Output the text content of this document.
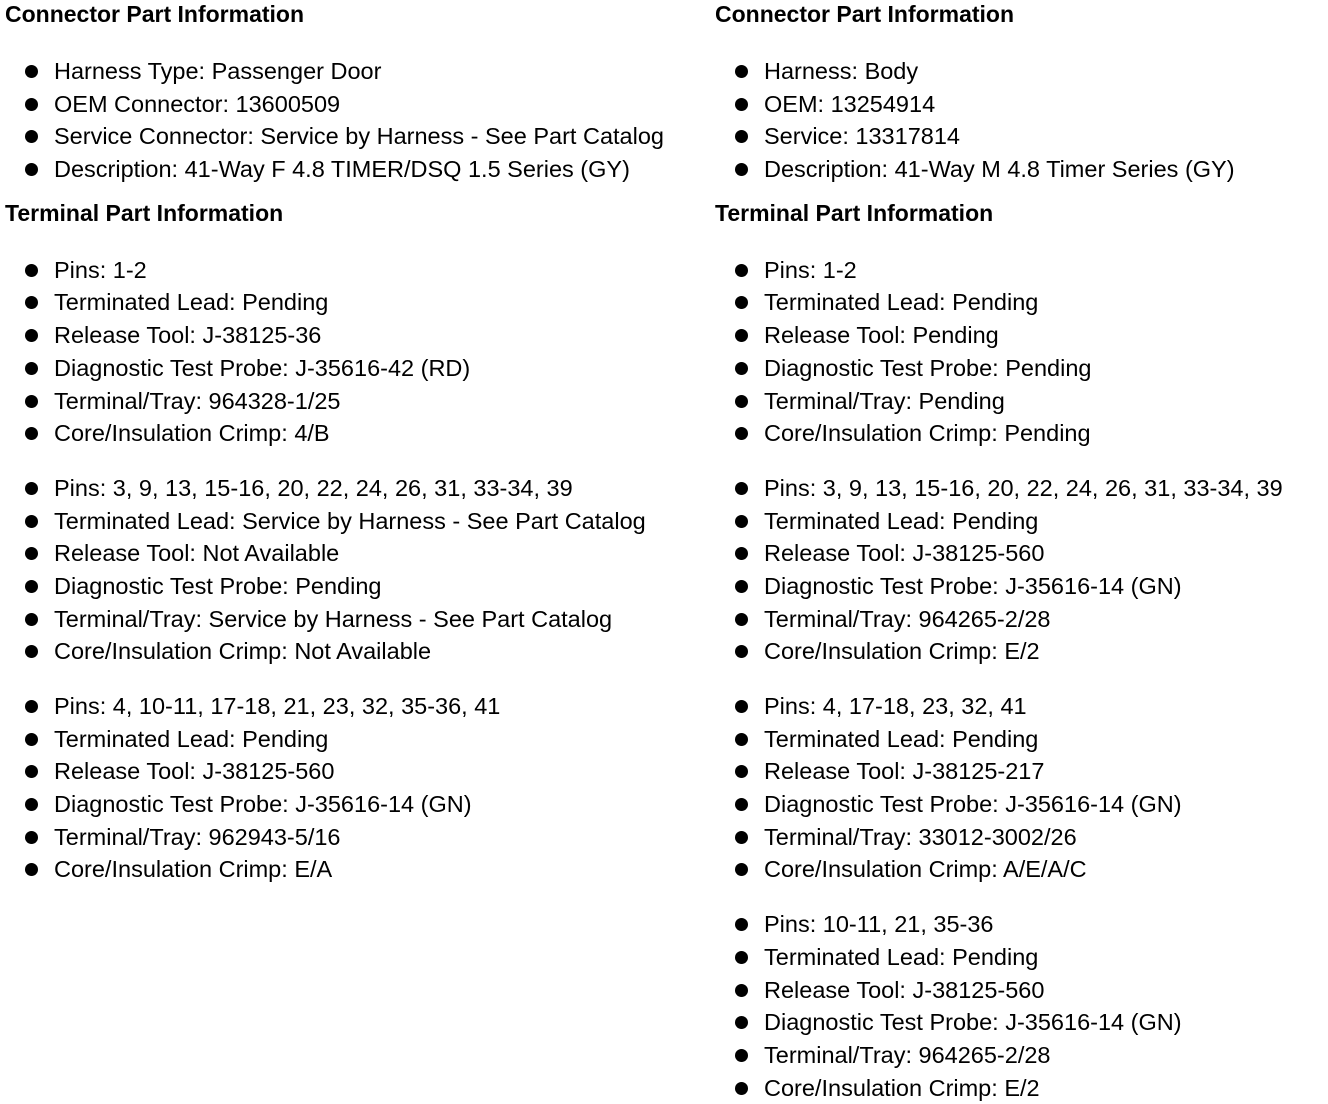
Connector Part Information
Harness Type: Passenger Door
OEM Connector: 13600509
Service Connector: Service by Harness - See Part Catalog
Description: 41-Way F 4.8 TIMER/DSQ 1.5 Series (GY)
Terminal Part Information
Pins: 1-2
Terminated Lead: Pending
Release Tool: J-38125-36
Diagnostic Test Probe: J-35616-42 (RD)
Terminal/Tray: 964328-1/25
Core/Insulation Crimp: 4/B
Pins: 3, 9, 13, 15-16, 20, 22, 24, 26, 31, 33-34, 39
Terminated Lead: Service by Harness - See Part Catalog
Release Tool: Not Available
Diagnostic Test Probe: Pending
Terminal/Tray: Service by Harness - See Part Catalog
Core/Insulation Crimp: Not Available
Pins: 4, 10-11, 17-18, 21, 23, 32, 35-36, 41
Terminated Lead: Pending
Release Tool: J-38125-560
Diagnostic Test Probe: J-35616-14 (GN)
Terminal/Tray: 962943-5/16
Core/Insulation Crimp: E/A
Connector Part Information
Harness: Body
OEM: 13254914
Service: 13317814
Description: 41-Way M 4.8 Timer Series (GY)
Terminal Part Information
Pins: 1-2
Terminated Lead: Pending
Release Tool: Pending
Diagnostic Test Probe: Pending
Terminal/Tray: Pending
Core/Insulation Crimp: Pending
Pins: 3, 9, 13, 15-16, 20, 22, 24, 26, 31, 33-34, 39
Terminated Lead: Pending
Release Tool: J-38125-560
Diagnostic Test Probe: J-35616-14 (GN)
Terminal/Tray: 964265-2/28
Core/Insulation Crimp: E/2
Pins: 4, 17-18, 23, 32, 41
Terminated Lead: Pending
Release Tool: J-38125-217
Diagnostic Test Probe: J-35616-14 (GN)
Terminal/Tray: 33012-3002/26
Core/Insulation Crimp: A/E/A/C
Pins: 10-11, 21, 35-36
Terminated Lead: Pending
Release Tool: J-38125-560
Diagnostic Test Probe: J-35616-14 (GN)
Terminal/Tray: 964265-2/28
Core/Insulation Crimp: E/2
